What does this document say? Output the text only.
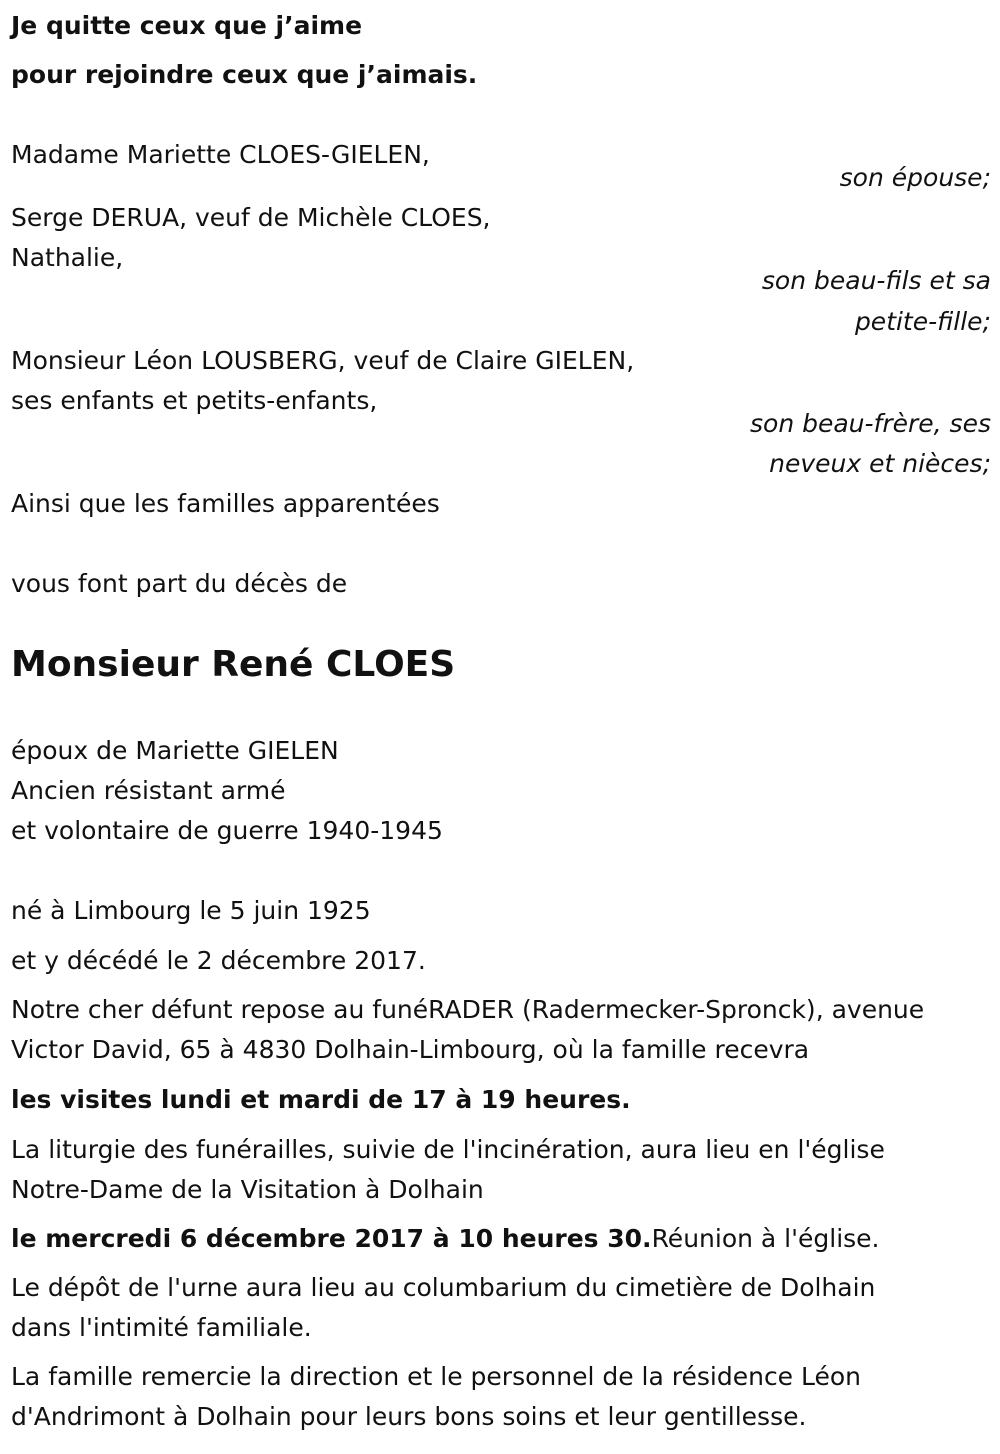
Je quitte ceux que j’aime
pour rejoindre ceux que j’aimais.
Madame Mariette CLOES-GIELEN,
son épouse;
Serge DERUA, veuf de Michèle CLOES,
Nathalie,
son beau-fils et sa
petite-fille;
Monsieur Léon LOUSBERG, veuf de Claire GIELEN,
ses enfants et petits-enfants,
son beau-frère, ses
neveux et nièces;
Ainsi que les familles apparentées
vous font part du décès de
Monsieur René CLOES
époux de Mariette GIELEN
Ancien résistant armé
et volontaire de guerre 1940-1945
né à Limbourg le 5 juin 1925
et y décédé le 2 décembre 2017.
Notre cher défunt repose au funéRADER (Radermecker-Spronck), avenue
Victor David, 65 à 4830 Dolhain-Limbourg, où la famille recevra
les visites lundi et mardi de 17 à 19 heures.
La liturgie des funérailles, suivie de l'incinération, aura lieu en l'église
Notre-Dame de la Visitation à Dolhain
le mercredi 6 décembre 2017 à 10 heures 30.Réunion à l'église.
Le dépôt de l'urne aura lieu au columbarium du cimetière de Dolhain
dans l'intimité familiale.
La famille remercie la direction et le personnel de la résidence Léon
d'Andrimont à Dolhain pour leurs bons soins et leur gentillesse.
